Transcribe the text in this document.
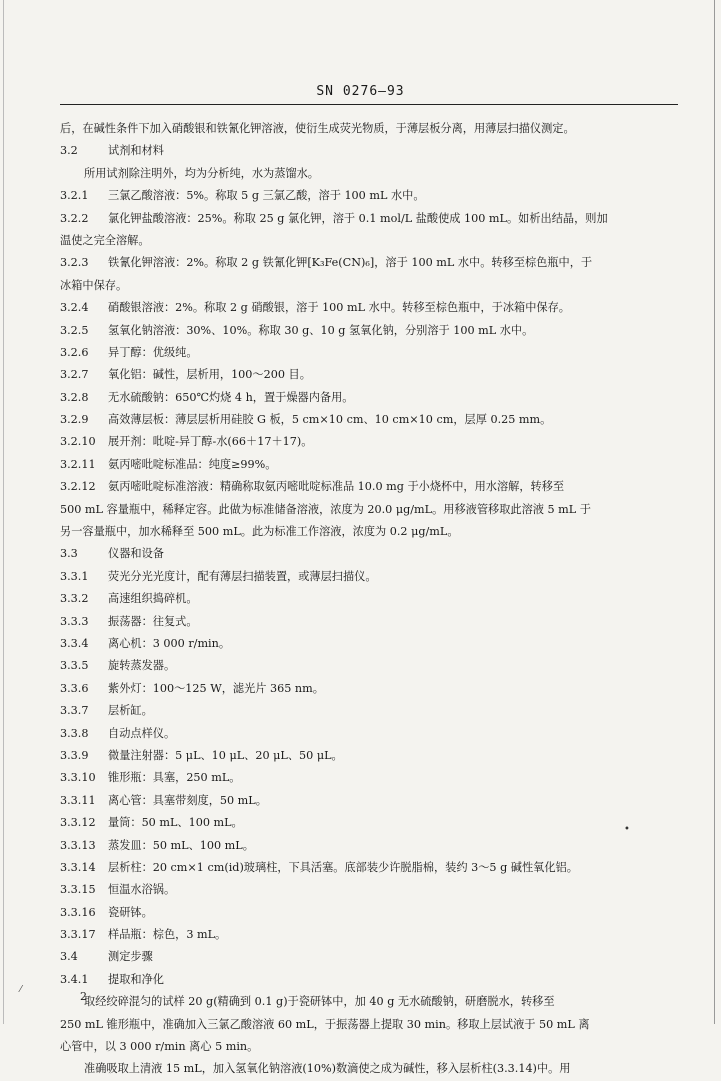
SN 0276—93
后，在碱性条件下加入硝酸银和铁氰化钾溶液，使衍生成荧光物质，于薄层板分离，用薄层扫描仪测定。
3.2	试剂和材料
所用试剂除注明外，均为分析纯，水为蒸馏水。
3.2.1 三氯乙酸溶液：5%。称取 5 g 三氯乙酸，溶于 100 mL 水中。
3.2.2 氯化钾盐酸溶液：25%。称取 25 g 氯化钾，溶于 0.1 mol/L 盐酸使成 100 mL。如析出结晶，则加
温使之完全溶解。
3.2.3 铁氰化钾溶液：2%。称取 2 g 铁氰化钾[K₃Fe(CN)₆]，溶于 100 mL 水中。转移至棕色瓶中，于
冰箱中保存。
3.2.4 硝酸银溶液：2%。称取 2 g 硝酸银，溶于 100 mL 水中。转移至棕色瓶中，于冰箱中保存。
3.2.5 氢氧化钠溶液：30%、10%。称取 30 g、10 g 氢氧化钠，分别溶于 100 mL 水中。
3.2.6 异丁醇：优级纯。
3.2.7 氧化铝：碱性，层析用，100～200 目。
3.2.8 无水硫酸钠：650℃灼烧 4 h，置于燥器内备用。
3.2.9 高效薄层板：薄层层析用硅胶 G 板，5 cm×10 cm、10 cm×10 cm，层厚 0.25 mm。
3.2.10 展开剂：吡啶-异丁醇-水(66＋17＋17)。
3.2.11 氨丙嘧吡啶标准品：纯度≥99%。
3.2.12 氨丙嘧吡啶标准溶液：精确称取氨丙嘧吡啶标准品 10.0 mg 于小烧杯中，用水溶解，转移至
500 mL 容量瓶中，稀释定容。此做为标准储备溶液，浓度为 20.0 μg/mL。用移液管移取此溶液 5 mL 于
另一容量瓶中，加水稀释至 500 mL。此为标准工作溶液，浓度为 0.2 μg/mL。
3.3	仪器和设备
3.3.1 荧光分光光度计，配有薄层扫描装置，或薄层扫描仪。
3.3.2 高速组织捣碎机。
3.3.3 振荡器：往复式。
3.3.4 离心机：3 000 r/min。
3.3.5 旋转蒸发器。
3.3.6 紫外灯：100～125 W，滤光片 365 nm。
3.3.7 层析缸。
3.3.8 自动点样仪。
3.3.9 微量注射器：5 μL、10 μL、20 μL、50 μL。
3.3.10 锥形瓶：具塞，250 mL。
3.3.11 离心管：具塞带刻度，50 mL。
3.3.12 量筒：50 mL、100 mL。
3.3.13 蒸发皿：50 mL、100 mL。
3.3.14 层析柱：20 cm×1 cm(id)玻璃柱，下具活塞。底部装少许脱脂棉，装约 3～5 g 碱性氧化铝。
3.3.15 恒温水浴锅。
3.3.16 瓷研钵。
3.3.17 样品瓶：棕色，3 mL。
3.4	测定步骤
3.4.1 提取和净化
取经绞碎混匀的试样 20 g(精确到 0.1 g)于瓷研钵中，加 40 g 无水硫酸钠，研磨脱水，转移至
250 mL 锥形瓶中，准确加入三氯乙酸溶液 60 mL，于振荡器上提取 30 min。移取上层试液于 50 mL 离
心管中，以 3 000 r/min 离心 5 min。
准确吸取上清液 15 mL，加入氢氧化钠溶液(10%)数滴使之成为碱性，移入层析柱(3.3.14)中。用
•
⁄	2
